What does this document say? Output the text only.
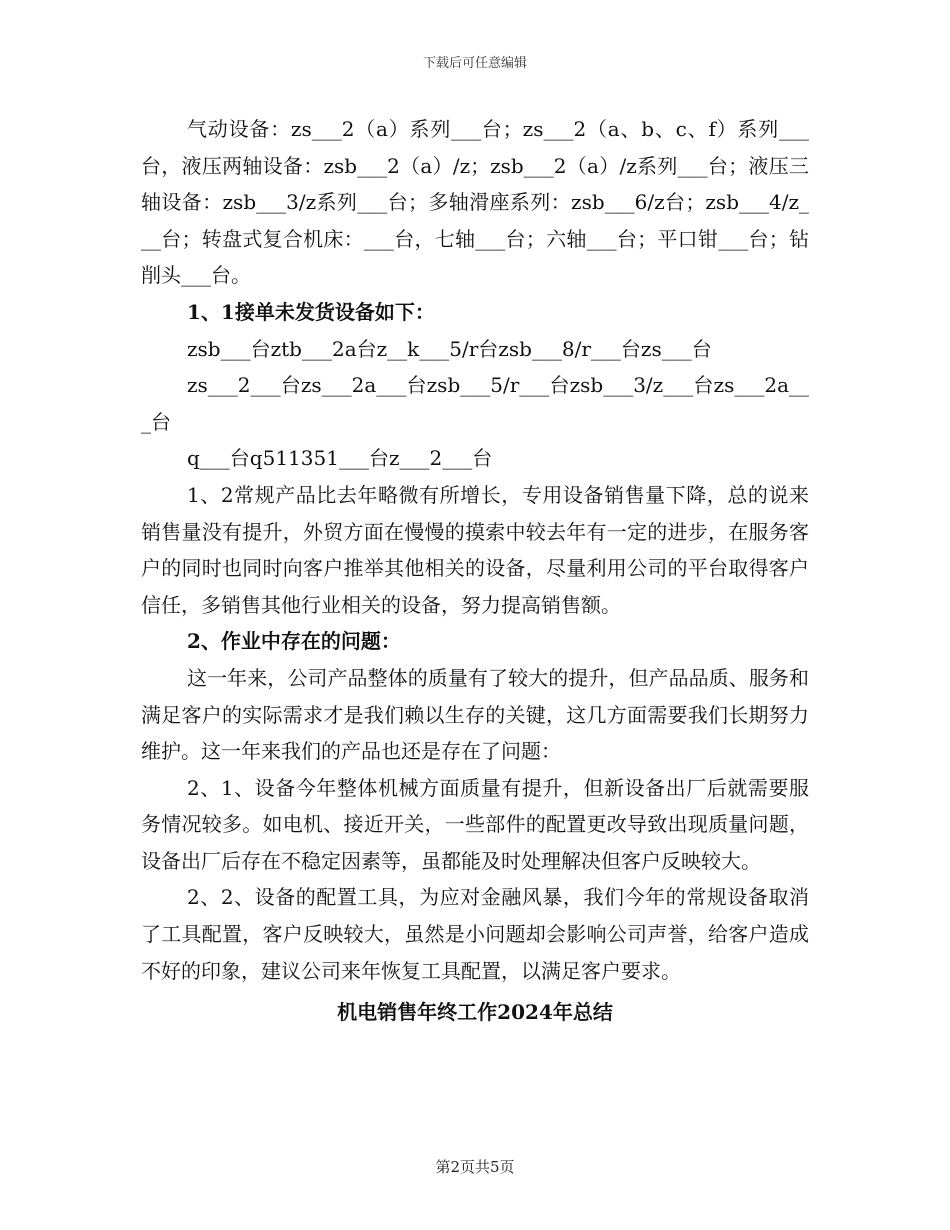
下载后可任意编辑

气动设备：zs___2（a）系列___台；zs___2（a、b、c、f）系列___台，液压两轴设备：zsb___2（a）/z；zsb___2（a）/z系列___台；液压三轴设备：zsb___3/z系列___台；多轴滑座系列：zsb___6/z台；zsb___4/z___台；转盘式复合机床：___台，七轴___台；六轴___台；平口钳___台；钻削头___台。

1、1接单未发货设备如下：

zsb___台ztb___2a台z__k___5/r台zsb___8/r___台zs___台

zs___2___台zs___2a___台zsb___5/r___台zsb___3/z___台zs___2a___台

q___台q511351___台z___2___台

1、2常规产品比去年略微有所增长，专用设备销售量下降，总的说来销售量没有提升，外贸方面在慢慢的摸索中较去年有一定的进步，在服务客户的同时也同时向客户推举其他相关的设备，尽量利用公司的平台取得客户信任，多销售其他行业相关的设备，努力提高销售额。

2、作业中存在的问题：

这一年来，公司产品整体的质量有了较大的提升，但产品品质、服务和满足客户的实际需求才是我们赖以生存的关键，这几方面需要我们长期努力维护。这一年来我们的产品也还是存在了问题：

2、1、设备今年整体机械方面质量有提升，但新设备出厂后就需要服务情况较多。如电机、接近开关，一些部件的配置更改导致出现质量问题，设备出厂后存在不稳定因素等，虽都能及时处理解决但客户反映较大。

2、2、设备的配置工具，为应对金融风暴，我们今年的常规设备取消了工具配置，客户反映较大，虽然是小问题却会影响公司声誉，给客户造成不好的印象，建议公司来年恢复工具配置，以满足客户要求。

机电销售年终工作2024年总结

第2页共5页
